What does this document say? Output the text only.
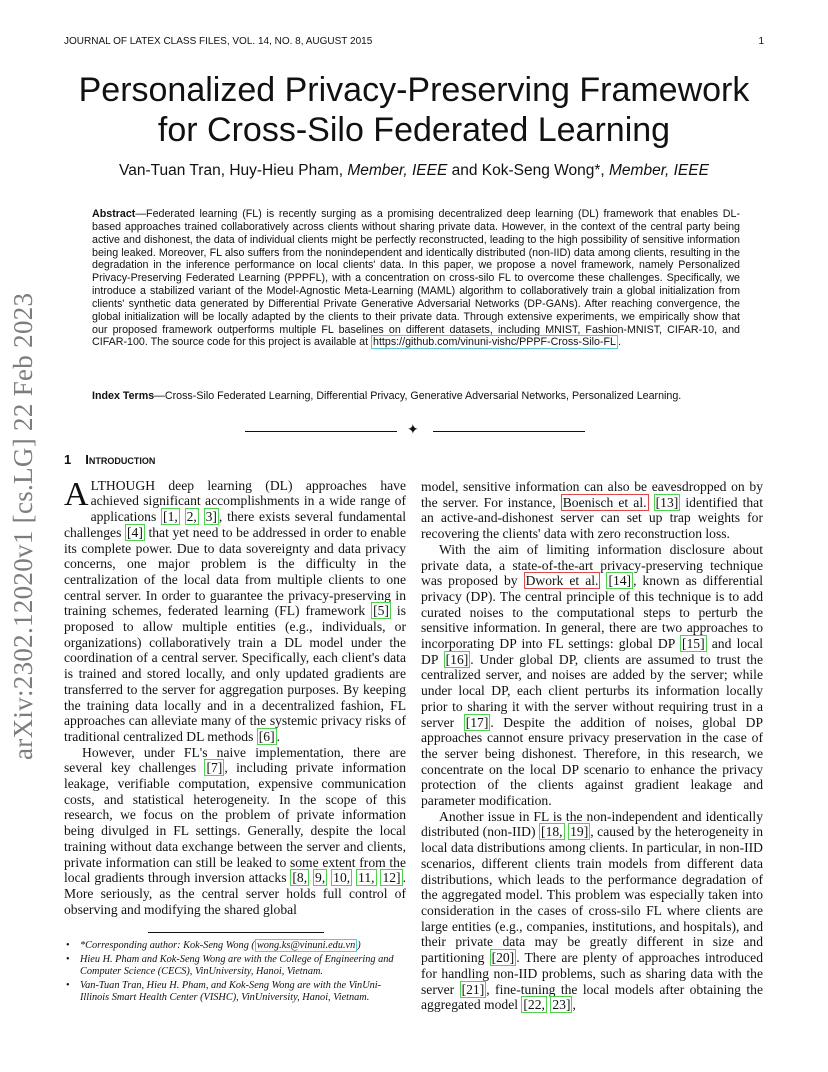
JOURNAL OF LATEX CLASS FILES, VOL. 14, NO. 8, AUGUST 2015	1
arXiv:2302.12020v1 [cs.LG] 22 Feb 2023
Personalized Privacy-Preserving Framework
for Cross-Silo Federated Learning
Van-Tuan Tran, Huy-Hieu Pham, Member, IEEE and Kok-Seng Wong*, Member, IEEE
Abstract—Federated learning (FL) is recently surging as a promising decentralized deep learning (DL) framework that enables DL-based approaches trained collaboratively across clients without sharing private data. However, in the context of the central party being active and dishonest, the data of individual clients might be perfectly reconstructed, leading to the high possibility of sensitive information being leaked. Moreover, FL also suffers from the nonindependent and identically distributed (non-IID) data among clients, resulting in the degradation in the inference performance on local clients' data. In this paper, we propose a novel framework, namely Personalized Privacy-Preserving Federated Learning (PPPFL), with a concentration on cross-silo FL to overcome these challenges. Specifically, we introduce a stabilized variant of the Model-Agnostic Meta-Learning (MAML) algorithm to collaboratively train a global initialization from clients' synthetic data generated by Differential Private Generative Adversarial Networks (DP-GANs). After reaching convergence, the global initialization will be locally adapted by the clients to their private data. Through extensive experiments, we empirically show that our proposed framework outperforms multiple FL baselines on different datasets, including MNIST, Fashion-MNIST, CIFAR-10, and CIFAR-100. The source code for this project is available at https://github.com/vinuni-vishc/PPPF-Cross-Silo-FL .
Index Terms—Cross-Silo Federated Learning, Differential Privacy, Generative Adversarial Networks, Personalized Learning.
✦
1 Introduction

ALTHOUGH deep learning (DL) approaches have achieved significant accomplishments in a wide range of applications [1, 2, 3] , there exists several fundamental challenges [4] that yet need to be addressed in order to enable its complete power. Due to data sovereignty and data privacy concerns, one major problem is the difficulty in the centralization of the local data from multiple clients to one central server. In order to guarantee the privacy-preserving in training schemes, federated learning (FL) framework [5] is proposed to allow multiple entities (e.g., individuals, or organizations) collaboratively train a DL model under the coordination of a central server. Specifically, each client's data is trained and stored locally, and only updated gradients are transferred to the server for aggregation purposes. By keeping the training data locally and in a decentralized fashion, FL approaches can alleviate many of the systemic privacy risks of traditional centralized DL methods [6] .

However, under FL's naive implementation, there are several key challenges [7] , including private information leakage, verifiable computation, expensive communication costs, and statistical heterogeneity. In the scope of this research, we focus on the problem of private information being divulged in FL settings. Generally, despite the local training without data exchange between the server and clients, private information can still be leaked to some extent from the local gradients through inversion attacks [8, 9, 10, 11, 12] . More seriously, as the central server holds full control of observing and modifying the shared global

model, sensitive information can also be eavesdropped on by the server. For instance, Boenisch et al. [13] identified that an active-and-dishonest server can set up trap weights for recovering the clients' data with zero reconstruction loss.

With the aim of limiting information disclosure about private data, a state-of-the-art privacy-preserving technique was proposed by Dwork et al. [14] , known as differential privacy (DP). The central principle of this technique is to add curated noises to the computational steps to perturb the sensitive information. In general, there are two approaches to incorporating DP into FL settings: global DP [15] and local DP [16] . Under global DP, clients are assumed to trust the centralized server, and noises are added by the server; while under local DP, each client perturbs its information locally prior to sharing it with the server without requiring trust in a server [17] . Despite the addition of noises, global DP approaches cannot ensure privacy preservation in the case of the server being dishonest. Therefore, in this research, we concentrate on the local DP scenario to enhance the privacy protection of the clients against gradient leakage and parameter modification.

Another issue in FL is the non-independent and identically distributed (non-IID) [18, 19] , caused by the heterogeneity in local data distributions among clients. In particular, in non-IID scenarios, different clients train models from different data distributions, which leads to the performance degradation of the aggregated model. This problem was especially taken into consideration in the cases of cross-silo FL where clients are large entities (e.g., companies, institutions, and hospitals), and their private data may be greatly different in size and partitioning [20] . There are plenty of approaches introduced for handling non-IID problems, such as sharing data with the server [21] , fine-tuning the local models after obtaining the aggregated model [22, 23] ,

• *Corresponding author: Kok-Seng Wong ( wong.ks@vinuni.edu.vn )
• Hieu H. Pham and Kok-Seng Wong are with the College of Engineering and Computer Science (CECS), VinUniversity, Hanoi, Vietnam.
• Van-Tuan Tran, Hieu H. Pham, and Kok-Seng Wong are with the VinUni-Illinois Smart Health Center (VISHC), VinUniversity, Hanoi, Vietnam.
